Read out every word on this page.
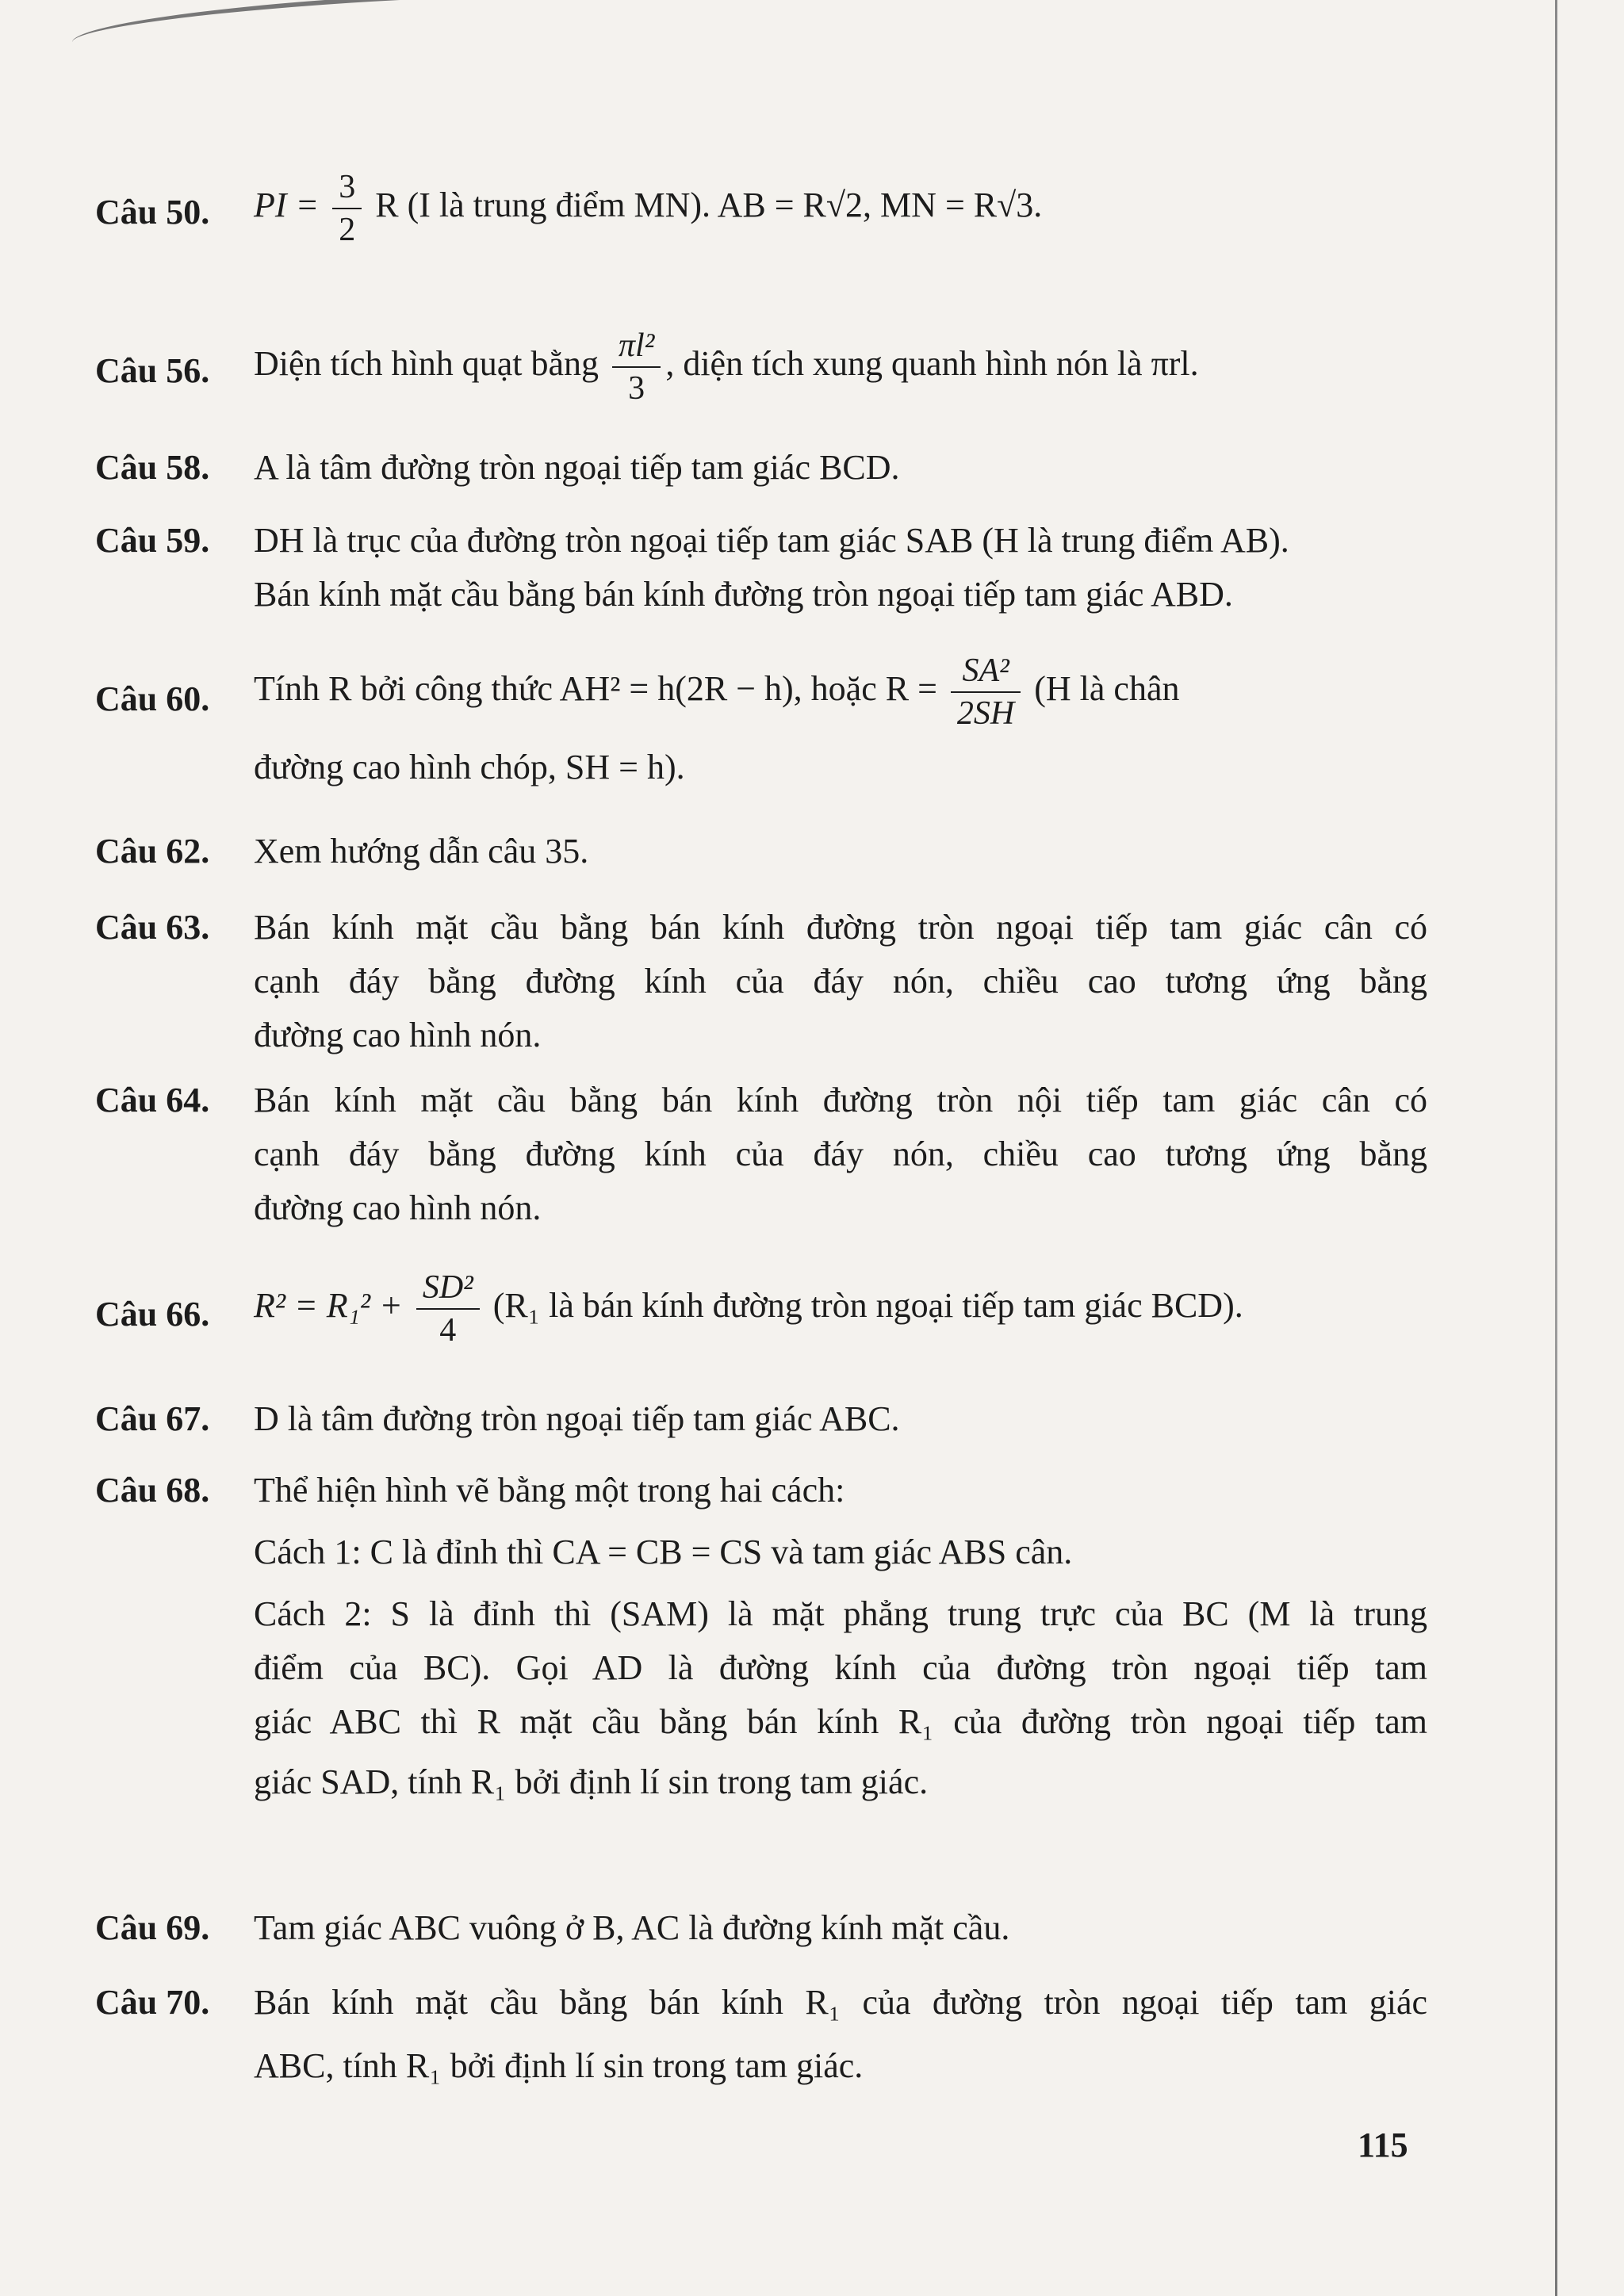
Câu 50.	PI = $\frac{3}{2}$ R (I là trung điểm MN). AB = R√2, MN = R√3.
Câu 56.	Diện tích hình quạt bằng $\frac{\text{πl²}}{3}$ , diện tích xung quanh hình nón là πrl.
Câu 58.	A là tâm đường tròn ngoại tiếp tam giác BCD.
Câu 59.	DH là trục của đường tròn ngoại tiếp tam giác SAB (H là trung điểm AB).
Bán kính mặt cầu bằng bán kính đường tròn ngoại tiếp tam giác ABD.
Câu 60.	Tính R bởi công thức AH² = h(2R − h), hoặc $R = \frac{\text{SA²}}{2SH} (H$ là chân
đường cao hình chóp, SH = h).
Câu 62.	Xem hướng dẫn câu 35.
Câu 63.	Bán kính mặt cầu bằng bán kính đường tròn ngoại tiếp tam giác cân có
cạnh đáy bằng đường kính của đáy nón, chiều cao tương ứng bằng
đường cao hình nón.
Câu 64.	Bán kính mặt cầu bằng bán kính đường tròn nội tiếp tam giác cân có
cạnh đáy bằng đường kính của đáy nón, chiều cao tương ứng bằng
đường cao hình nón.
Câu 66.	$R^2 = R_1^2 + \frac{\text{SD²}}{4} (R_1$ là bán kính đường tròn ngoại tiếp tam giác BCD).
Câu 67.	D là tâm đường tròn ngoại tiếp tam giác ABC.
Câu 68.	Thể hiện hình vẽ bằng một trong hai cách:
Cách 1: C là đỉnh thì CA = CB = CS và tam giác ABS cân.
Cách 2: S là đỉnh thì (SAM) là mặt phẳng trung trực của BC (M là trung
điểm của BC). Gọi AD là đường kính của đường tròn ngoại tiếp tam
giác ABC thì R mặt cầu bằng bán kính R₁ của đường tròn ngoại tiếp tam
giác SAD, tính R₁ bởi định lí sin trong tam giác.
Câu 69.	Tam giác ABC vuông ở B, AC là đường kính mặt cầu.
Câu 70.	Bán kính mặt cầu bằng bán kính R₁ của đường tròn ngoại tiếp tam giác
ABC, tính R₁ bởi định lí sin trong tam giác.
115
